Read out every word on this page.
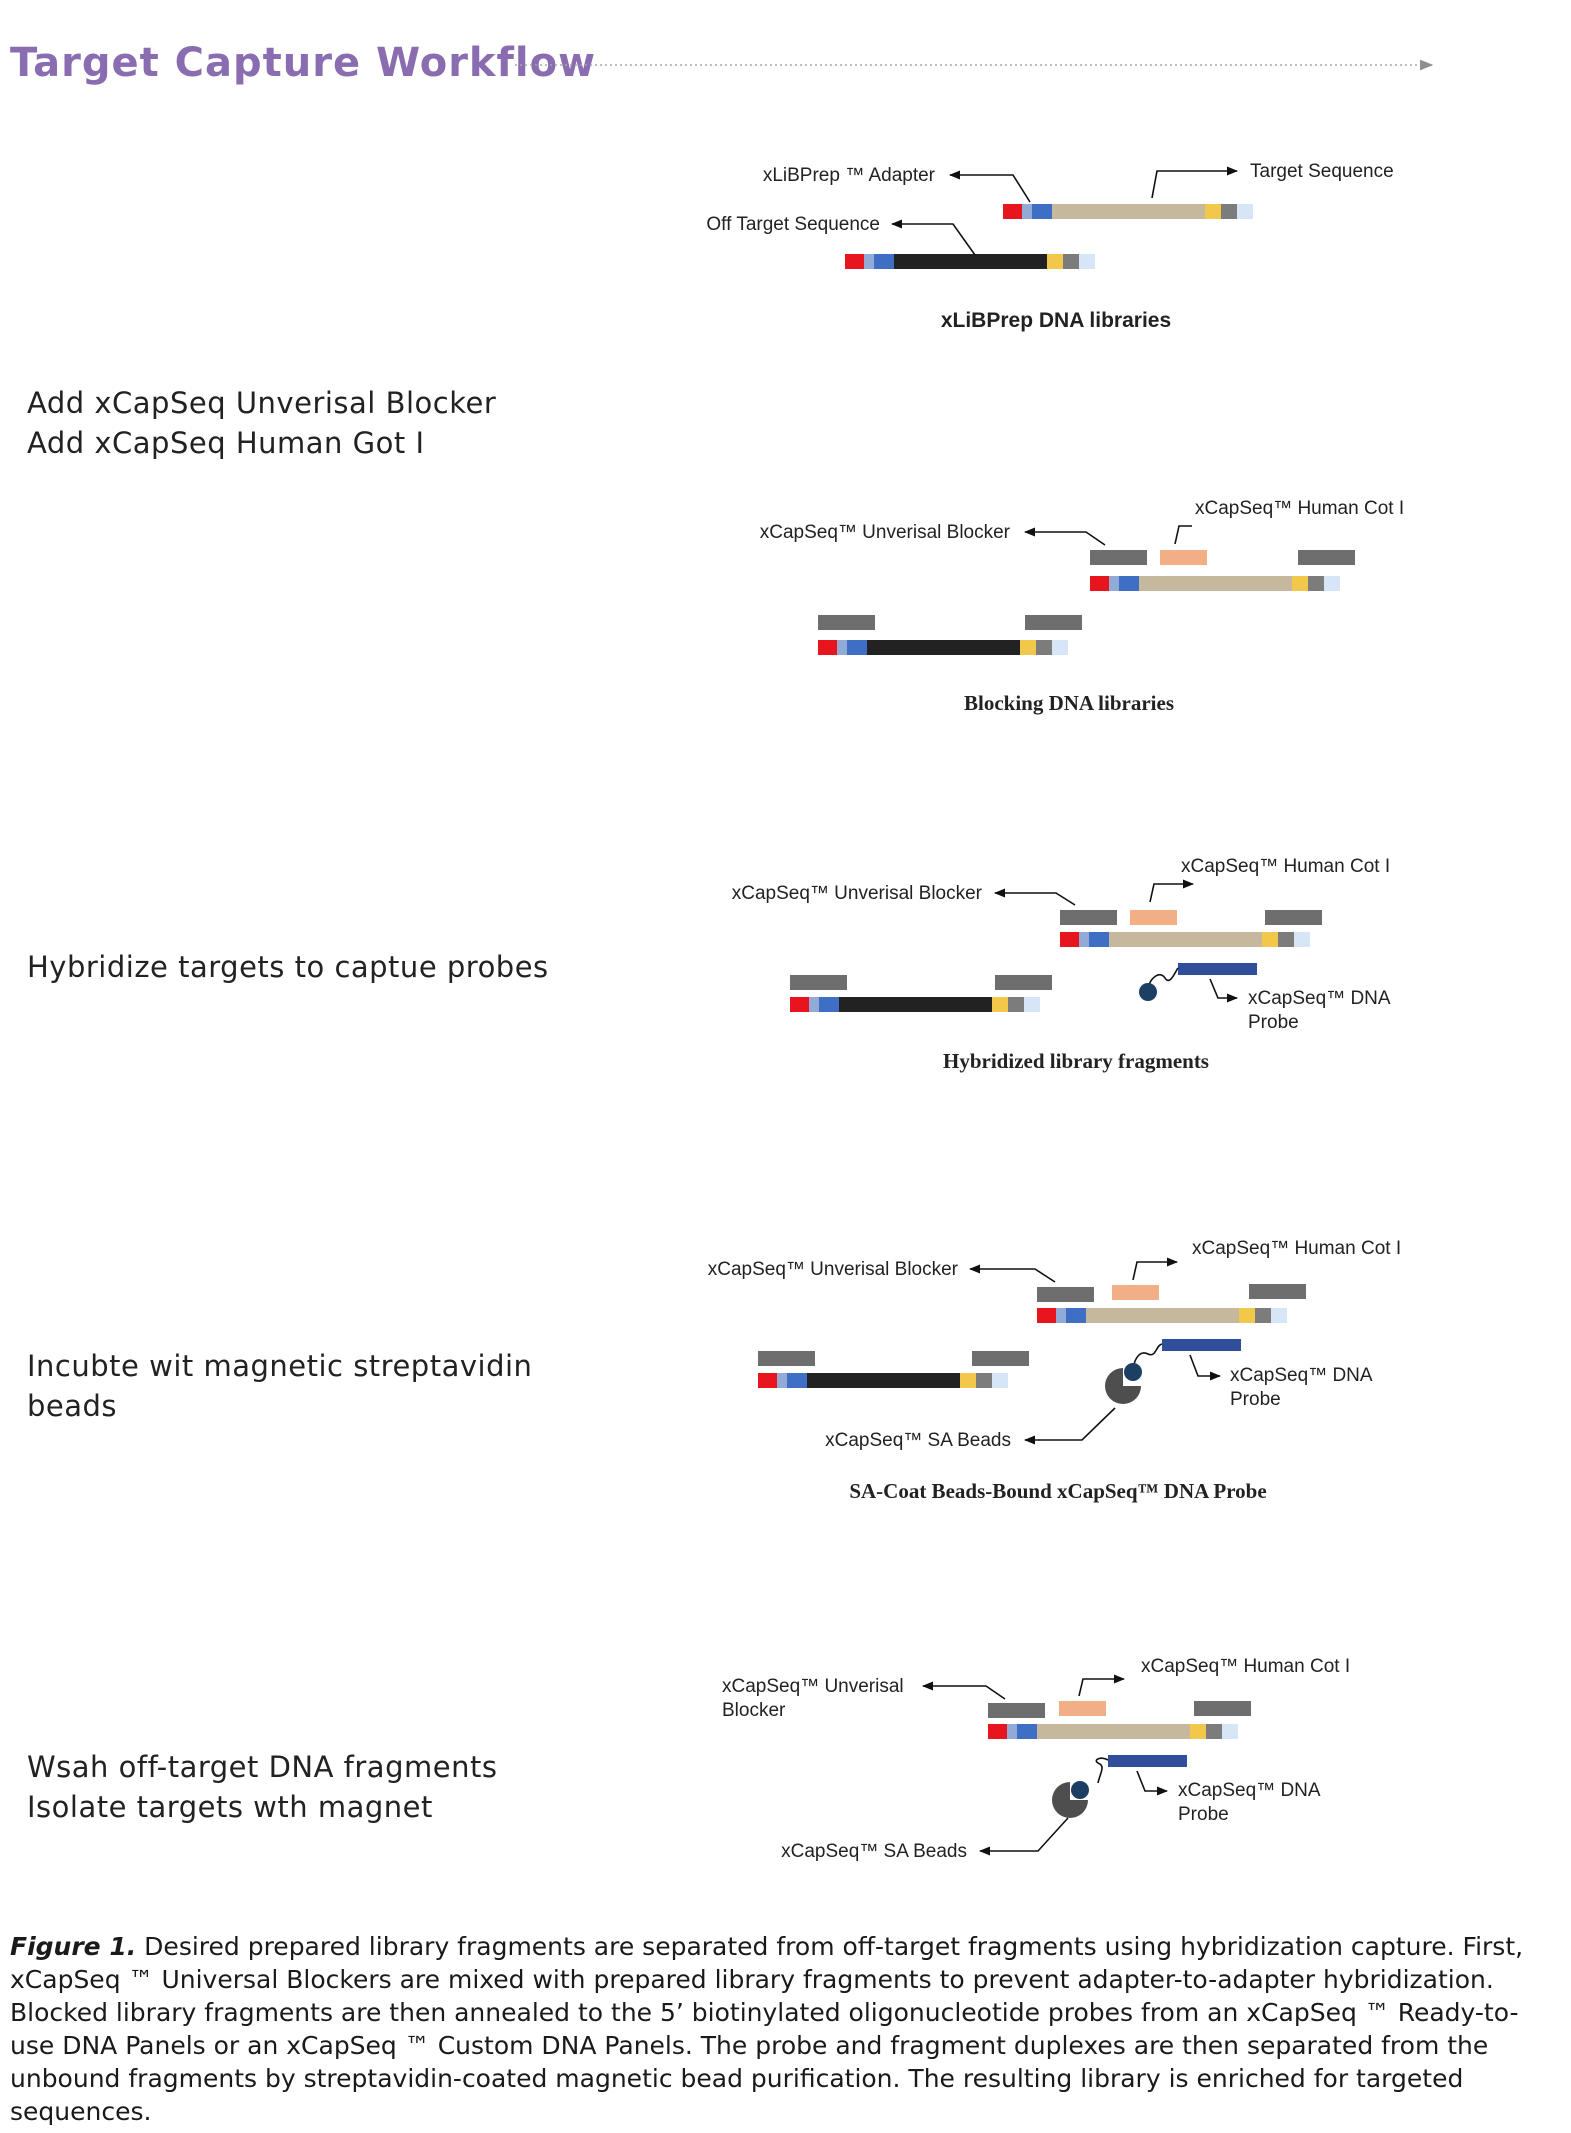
Target Capture Workflow
Add xCapSeq Unverisal Blocker
Add xCapSeq Human Got I
Hybridize targets to captue probes
Incubte wit magnetic streptavidin
beads
Wsah off-target DNA fragments
Isolate targets wth magnet
xLiBPrep ™ Adapter	Target Sequence
Off Target Sequence
xLiBPrep DNA libraries
xCapSeq™ Unverisal Blocker
xCapSeq™ Human Cot I
Blocking DNA libraries
xCapSeq™ Unverisal Blocker
xCapSeq™ Human Cot I
xCapSeq™ DNA
Probe
Hybridized library fragments
xCapSeq™ Unverisal Blocker
xCapSeq™ Human Cot I
xCapSeq™ DNA
Probe
xCapSeq™ SA Beads
SA-Coat Beads-Bound xCapSeq™ DNA Probe
xCapSeq™ Unverisal
Blocker
xCapSeq™ Human Cot I
xCapSeq™ DNA
Probe
xCapSeq™ SA Beads
Figure 1. Desired prepared library fragments are separated from off-target fragments using hybridization capture. First, xCapSeq ™ Universal Blockers are mixed with prepared library fragments to prevent adapter-to-adapter hybridization. Blocked library fragments are then annealed to the 5’ biotinylated oligonucleotide probes from an xCapSeq ™ Ready-to-use DNA Panels or an xCapSeq ™ Custom DNA Panels. The probe and fragment duplexes are then separated from the unbound fragments by streptavidin-coated magnetic bead purification. The resulting library is enriched for targeted sequences.
